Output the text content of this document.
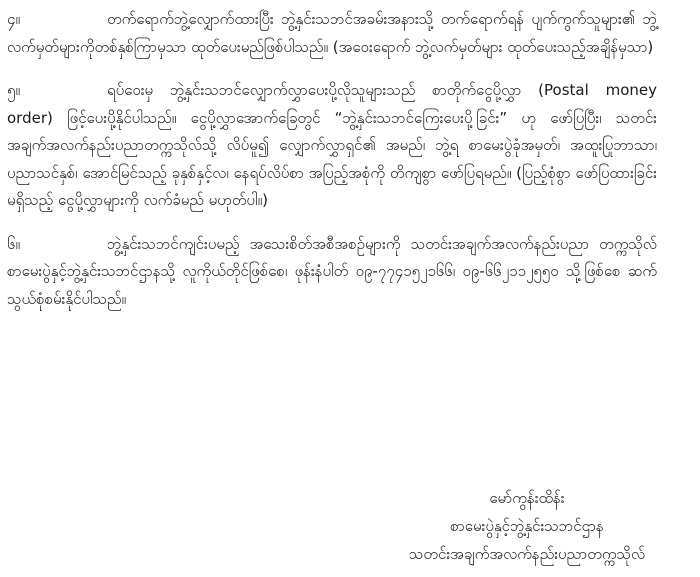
၄။	တက်ရောက်ဘွဲ့လျှောက်ထားပြီး ဘွဲ့နှင်းသဘင်အခမ်းအနားသို့ တက်ရောက်ရန် ပျက်ကွက်သူများ၏ ဘွဲ့လက်မှတ်များကိုတစ်နှစ်ကြာမှသာ ထုတ်ပေးမည်ဖြစ်ပါသည်။ (အဝေးရောက် ဘွဲ့လက်မှတ်များ ထုတ်ပေးသည့်အချိန်မှသာ)

၅။	ရပ်ဝေးမှ ဘွဲ့နှင်းသဘင်လျှောက်လွှာပေးပို့လိုသူများသည် စာတိုက်ငွေပို့လွှာ (Postal money order) ဖြင့်ပေးပို့နိုင်ပါသည်။ ငွေပို့လွှာအောက်ခြေတွင် “ဘွဲ့နှင်းသဘင်ကြေးပေးပို့ခြင်း” ဟု ဖော်ပြပြီး၊ သတင်းအချက်အလက်နည်းပညာတက္ကသိုလ်သို့ လိပ်မူ၍ လျှောက်လွှာရှင်၏ အမည်၊ ဘွဲ့ရ စာမေးပွဲခုံအမှတ်၊ အထူးပြုဘာသာ၊ ပညာသင်နှစ်၊ အောင်မြင်သည့် ခုနှစ်နှင့်လ၊ နေရပ်လိပ်စာ အပြည့်အစုံကို တိကျစွာ ဖော်ပြရမည်။ (ပြည့်စုံစွာ ဖော်ပြထားခြင်းမရှိသည့် ငွေပို့လွှာများကို လက်ခံမည် မဟုတ်ပါ။)

၆။	ဘွဲ့နှင်းသဘင်ကျင်းပမည့် အသေးစိတ်အစီအစဉ်များကို သတင်းအချက်အလက်နည်းပညာ တက္ကသိုလ် စာမေးပွဲနှင့်ဘွဲ့နှင်းသဘင်ဌာနသို့ လူကိုယ်တိုင်ဖြစ်စေ၊ ဖုန်းနံပါတ် ၀၉-၇၇၄၁၅၂၁၆၆၊ ၀၉-၆၆၂၁၁၂၅၅၀ သို့ဖြစ်စေ ဆက်သွယ်စုံစမ်းနိုင်ပါသည်။

မော်ကွန်းထိန်း
စာမေးပွဲနှင့်ဘွဲ့နှင်းသဘင်ဌာန
သတင်းအချက်အလက်နည်းပညာတက္ကသိုလ်
